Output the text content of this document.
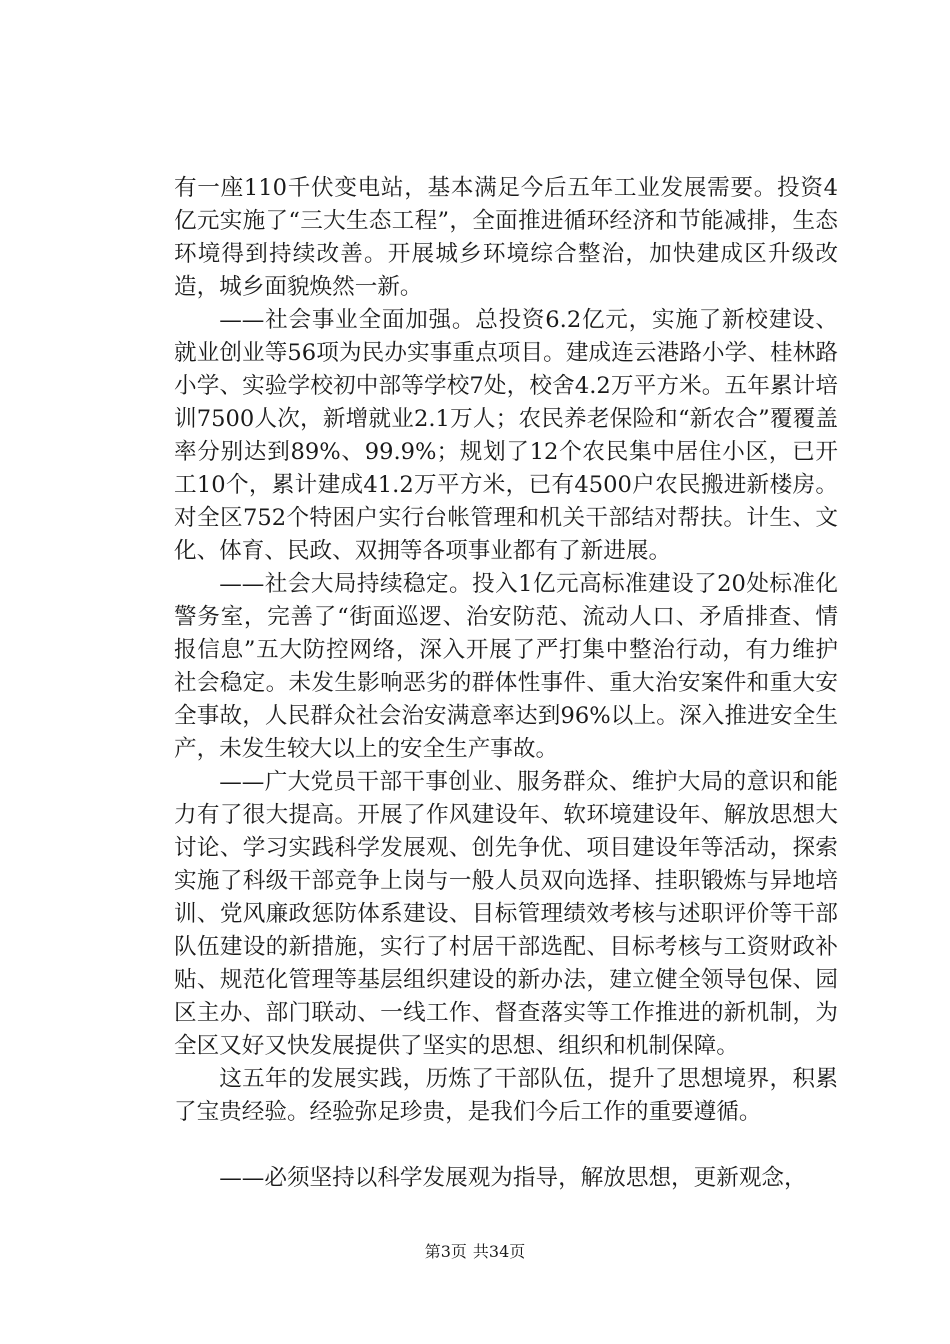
有一座110千伏变电站，基本满足今后五年工业发展需要。投资4亿元实施了“三大生态工程”，全面推进循环经济和节能减排，生态环境得到持续改善。开展城乡环境综合整治，加快建成区升级改造，城乡面貌焕然一新。

——社会事业全面加强。总投资6.2亿元，实施了新校建设、就业创业等56项为民办实事重点项目。建成连云港路小学、桂林路小学、实验学校初中部等学校7处，校舍4.2万平方米。五年累计培训7500人次，新增就业2.1万人；农民养老保险和“新农合”覆覆盖率分别达到89%、99.9%；规划了12个农民集中居住小区，已开工10个，累计建成41.2万平方米，已有4500户农民搬进新楼房。对全区752个特困户实行台帐管理和机关干部结对帮扶。计生、文化、体育、民政、双拥等各项事业都有了新进展。

——社会大局持续稳定。投入1亿元高标准建设了20处标准化警务室，完善了“街面巡逻、治安防范、流动人口、矛盾排查、情报信息”五大防控网络，深入开展了严打集中整治行动，有力维护社会稳定。未发生影响恶劣的群体性事件、重大治安案件和重大安全事故，人民群众社会治安满意率达到96%以上。深入推进安全生产，未发生较大以上的安全生产事故。

——广大党员干部干事创业、服务群众、维护大局的意识和能力有了很大提高。开展了作风建设年、软环境建设年、解放思想大讨论、学习实践科学发展观、创先争优、项目建设年等活动，探索实施了科级干部竞争上岗与一般人员双向选择、挂职锻炼与异地培训、党风廉政惩防体系建设、目标管理绩效考核与述职评价等干部队伍建设的新措施，实行了村居干部选配、目标考核与工资财政补贴、规范化管理等基层组织建设的新办法，建立健全领导包保、园区主办、部门联动、一线工作、督查落实等工作推进的新机制，为全区又好又快发展提供了坚实的思想、组织和机制保障。

这五年的发展实践，历炼了干部队伍，提升了思想境界，积累了宝贵经验。经验弥足珍贵，是我们今后工作的重要遵循。

——必须坚持以科学发展观为指导，解放思想，更新观念，

第3页 共34页
